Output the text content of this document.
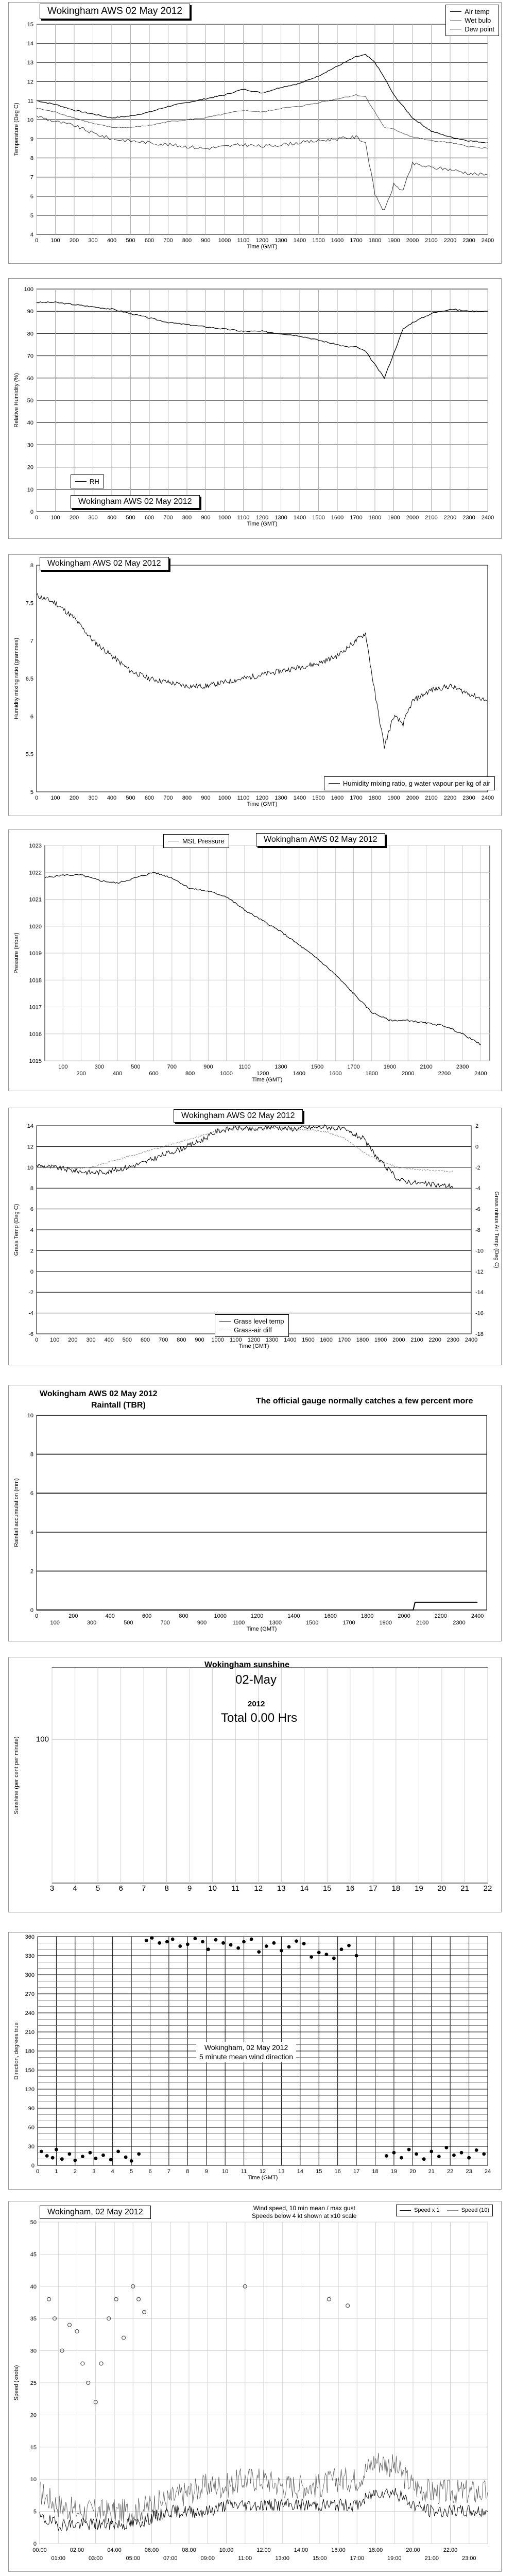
4
5
6
7
8
9
10
11
12
13
14
15
0 100 200 300 400 500 600 700 800 900 1000 1100 1200 1300 1400 1500 1600 1700 1800 1900 2000 2100 2200 2300 2400
Time (GMT)
Temperature (Deg C)
Wokingham AWS 02 May 2012	Air temp
Wet bulb
Dew point
0
10
20
30
40
50
60
70
80
90
100
0 100 200 300 400 500 600 700 800 900 1000 1100 1200 1300 1400 1500 1600 1700 1800 1900 2000 2100 2200 2300 2400
Time (GMT)
Relative Humidity (%)
RH
Wokingham AWS 02 May 2012
5
5.5
6
6.5
7
7.5
8
0 100 200 300 400 500 600 700 800 900 1000 1100 1200 1300 1400 1500 1600 1700 1800 1900 2000 2100 2200 2300 2400
Time (GMT)
Humidity mixing ratio (grammes)
Wokingham AWS 02 May 2012
Humidity mixing ratio, g water vapour per kg of air
1015
1016
1017
1018
1019
1020
1021
1022
1023
100
200
300
400
500
600
700
800
900
1000
1100
1200
1300
1400
1500
1600
1700
1800
1900
2000
2100
2200
2300
2400
Time (GMT)
Pressure (mbar)
MSL Pressure	Wokingham AWS 02 May 2012
-6
-4
-2
0
2
4
6
8
10
12
14
0 100 200 300 400 500 600 700 800 900 1000 1100 1200 1300 1400 1500 1600 1700 1800 1900 2000 2100 2200 2300 2400
Time (GMT)
Grass Temp (Deg C)
-18
-16
-14
-12
-10
-8
-6
-4
-2
0
2
Grass minus Air Temp (Deg C)
Wokingham AWS 02 May 2012
Grass level temp
Grass-air diff
0
2
4
6
8
10
0
100
200
300
400
500
600
700
800
900
1000
1100
1200
1300
1400
1500
1600
1700
1800
1900
2000
2100
2200
2300
2400
Time (GMT)
Rainfall accumulation (mm)
Wokingham AWS 02 May 2012
Raintall (TBR)	The official gauge normally catches a few percent more
100
3 4 5 6 7 8 9 10 11 12 13 14 15 16 17 18 19 20 21 22
Sunshine (per cent per minute)
Wokingham sunshine
02-May
2012
Total 0.00 Hrs
0
30
60
90
120
150
180
210
240
270
300
330
360
0	1	2	3	4	5	6	7	8	9 10 11 12 13 14 15 16 17 18 19 20 21 22 23 24
Time (GMT)
Direction, degrees true	Wokingham, 02 May 2012
5 minute mean wind direction
0
5
10
15
20
25
30
35
40
45
50
Speed (knots)
00:00	02:00	04:00	06:00	08:00	10:00	12:00	14:00	16:00	18:00	20:00	22:00
01:00	03:00	05:00	07:00	09:00	11:00	13:00	15:00	17:00	19:00	21:00	23:00
Wokingham, 02 May 2012	Wind speed, 10 min mean / max gust
Speeds below 4 kt shown at x10 scale
Speed x 1	Speed (10)
